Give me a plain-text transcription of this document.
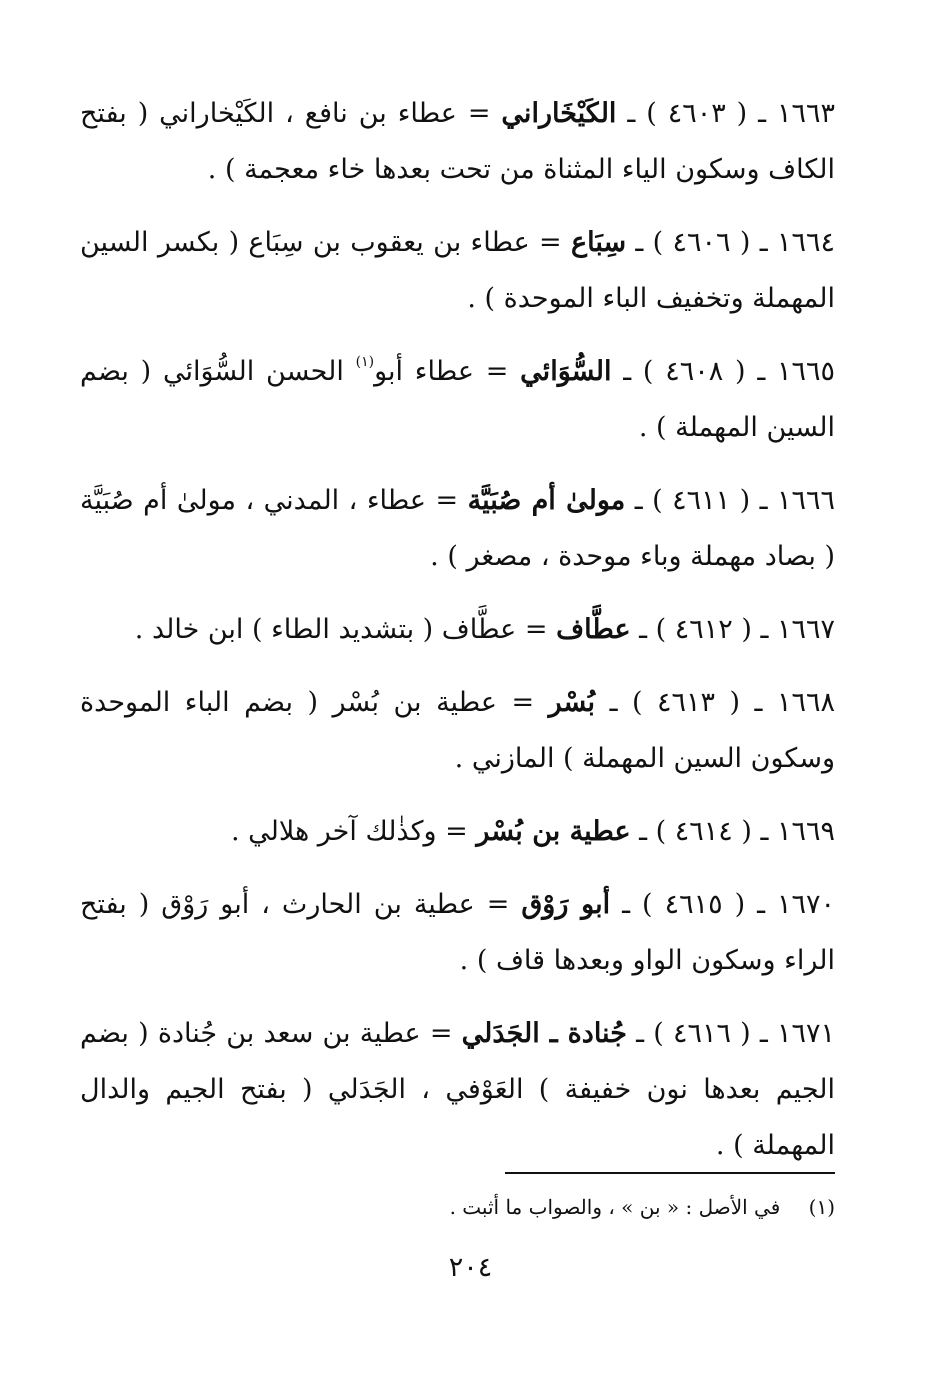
١٦٦٣ ـ ( ٤٦٠٣ ) ـ الكَيْخَاراني = عطاء بن نافع ، الكَيْخاراني ( بفتح الكاف وسكون الياء المثناة من تحت بعدها خاء معجمة ) .

١٦٦٤ ـ ( ٤٦٠٦ ) ـ سِبَاع = عطاء بن يعقوب بن سِبَاع ( بكسر السين المهملة وتخفيف الباء الموحدة ) .

١٦٦٥ ـ ( ٤٦٠٨ ) ـ السُّوَائي = عطاء أبو$^{(١)}$ الحسن السُّوَائي ( بضم السين المهملة ) .

١٦٦٦ ـ ( ٤٦١١ ) ـ مولىٰ أم صُبَيَّة = عطاء ، المدني ، مولىٰ أم صُبَيَّة ( بصاد مهملة وباء موحدة ، مصغر ) .

١٦٦٧ ـ ( ٤٦١٢ ) ـ عطَّاف = عطَّاف ( بتشديد الطاء ) ابن خالد .

١٦٦٨ ـ ( ٤٦١٣ ) ـ بُسْر = عطية بن بُسْر ( بضم الباء الموحدة وسكون السين المهملة ) المازني .

١٦٦٩ ـ ( ٤٦١٤ ) ـ عطية بن بُسْر = وكذٰلك آخر هلالي .

١٦٧٠ ـ ( ٤٦١٥ ) ـ أبو رَوْق = عطية بن الحارث ، أبو رَوْق ( بفتح الراء وسكون الواو وبعدها قاف ) .

١٦٧١ ـ ( ٤٦١٦ ) ـ جُنادة ـ الجَدَلي = عطية بن سعد بن جُنادة ( بضم الجيم بعدها نون خفيفة ) العَوْفي ، الجَدَلي ( بفتح الجيم والدال المهملة ) .

(١) في الأصل : « بن » ، والصواب ما أثبت .
٢٠٤
